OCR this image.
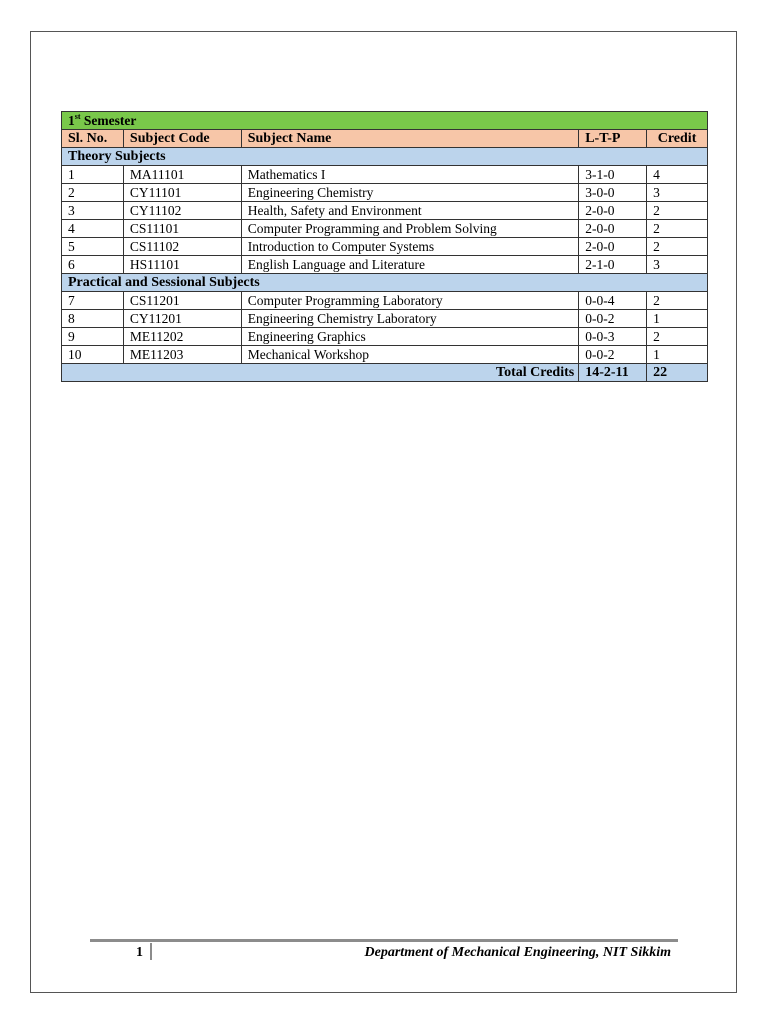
1st Semester				
Sl. No.	Subject Code	Subject Name	L-T-P	Credit
Theory Subjects				
1	MA11101	Mathematics I	3-1-0	4
2	CY11101	Engineering Chemistry	3-0-0	3
3	CY11102	Health, Safety and Environment	2-0-0	2
4	CS11101	Computer Programming and Problem Solving	2-0-0	2
5	CS11102	Introduction to Computer Systems	2-0-0	2
6	HS11101	English Language and Literature	2-1-0	3
Practical and Sessional Subjects				
7	CS11201	Computer Programming Laboratory	0-0-4	2
8	CY11201	Engineering Chemistry Laboratory	0-0-2	1
9	ME11202	Engineering Graphics	0-0-3	2
10	ME11203	Mechanical Workshop	0-0-2	1
Total Credits			14-2-11	22
1	Department of Mechanical Engineering, NIT Sikkim
